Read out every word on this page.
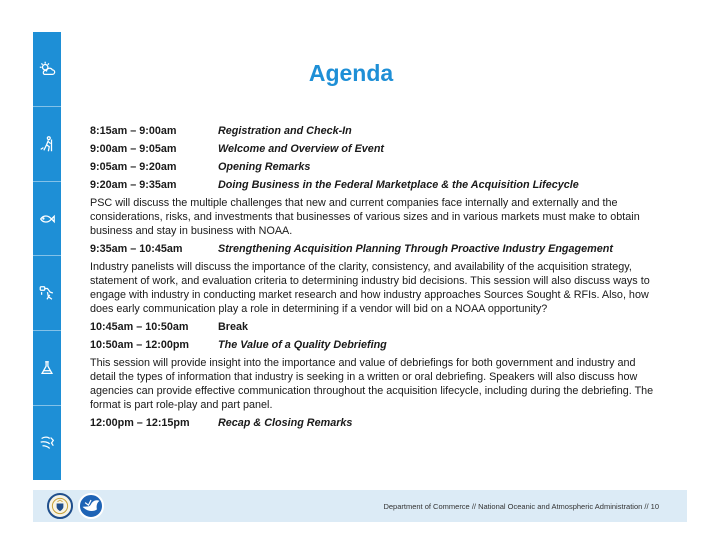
Agenda
8:15am – 9:00am	Registration and Check-In
9:00am – 9:05am	Welcome and Overview of Event
9:05am – 9:20am	Opening Remarks
9:20am – 9:35am	Doing Business in the Federal Marketplace & the Acquisition Lifecycle

PSC will discuss the multiple challenges that new and current companies face internally and externally and the considerations, risks, and investments that businesses of various sizes and in various markets must make to obtain business and stay in business with NOAA.

9:35am – 10:45am	Strengthening Acquisition Planning Through Proactive Industry Engagement

Industry panelists will discuss the importance of the clarity, consistency, and availability of the acquisition strategy, statement of work, and evaluation criteria to determining industry bid decisions. This session will also discuss ways to engage with industry in conducting market research and how industry approaches Sources Sought & RFIs. Also, how does early communication play a role in determining if a vendor will bid on a NOAA opportunity?

10:45am – 10:50am	Break
10:50am – 12:00pm	The Value of a Quality Debriefing

This session will provide insight into the importance and value of debriefings for both government and industry and detail the types of information that industry is seeking in a written or oral debriefing. Speakers will also discuss how agencies can provide effective communication throughout the acquisition lifecycle, including during the debriefing. The format is part role-play and part panel.

12:00pm – 12:15pm	Recap & Closing Remarks
Department of Commerce // National Oceanic and Atmospheric Administration // 10
